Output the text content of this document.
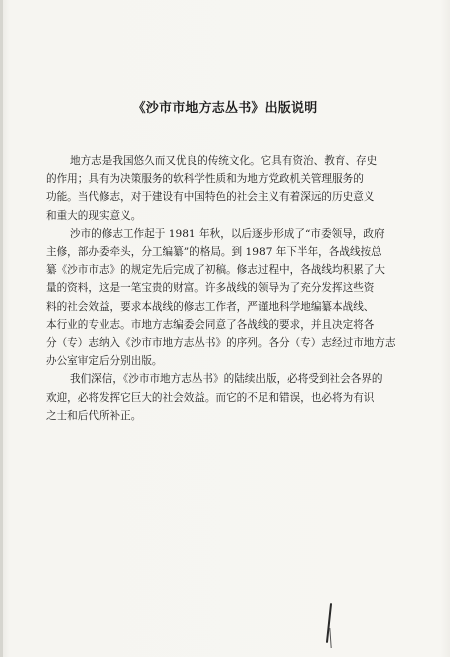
《沙市市地方志丛书》出版说明
地方志是我国悠久而又优良的传统文化。它具有资治、教育、存史
的作用；具有为决策服务的软科学性质和为地方党政机关管理服务的
功能。当代修志，对于建设有中国特色的社会主义有着深远的历史意义
和重大的现实意义。
沙市的修志工作起于 1981 年秋，以后逐步形成了“市委领导，政府
主修，部办委牵头，分工编纂”的格局。到 1987 年下半年，各战线按总
纂《沙市市志》的规定先后完成了初稿。修志过程中，各战线均积累了大
量的资料，这是一笔宝贵的财富。许多战线的领导为了充分发挥这些资
料的社会效益，要求本战线的修志工作者，严谨地科学地编纂本战线、
本行业的专业志。市地方志编委会同意了各战线的要求，并且决定将各
分（专）志纳入《沙市市地方志丛书》的序列。各分（专）志经过市地方志
办公室审定后分别出版。
我们深信，《沙市市地方志丛书》的陆续出版，必将受到社会各界的
欢迎，必将发挥它巨大的社会效益。而它的不足和错误，也必将为有识
之士和后代所补正。
